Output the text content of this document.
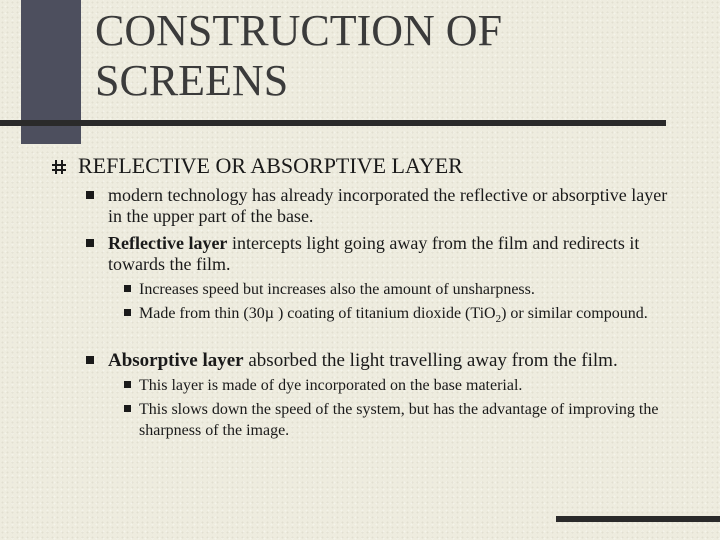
CONSTRUCTION OF
SCREENS
REFLECTIVE OR ABSORPTIVE LAYER
modern technology has already incorporated the reflective or absorptive layer in the upper part of the base.
Reflective layer intercepts light going away from the film and redirects it towards the film.
Increases speed but increases also the amount of unsharpness.
Made from thin (30µ ) coating of titanium dioxide (TiO$_2$) or similar compound.
Absorptive layer absorbed the light travelling away from the film.
This layer is made of dye incorporated on the base material.
This slows down the speed of the system, but has the advantage of improving the sharpness of the image.
